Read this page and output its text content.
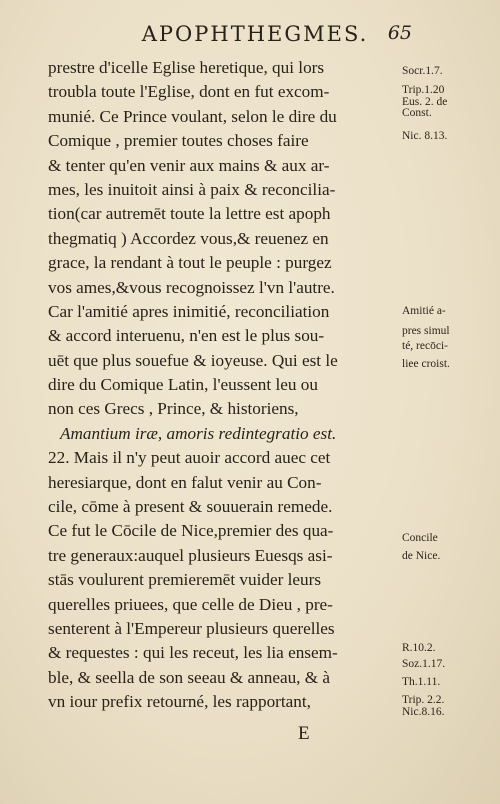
APOPHTHEGMES.	65
prestre d'icelle Eglise heretique, qui lors
troubla toute l'Eglise, dont en fut excom-
munié. Ce Prince voulant, selon le dire du
Comique , premier toutes choses faire
& tenter qu'en venir aux mains & aux ar-
mes, les inuitoit ainsi à paix & reconcilia-
tion(car autremēt toute la lettre est apoph
thegmatiq ) Accordez vous,& reuenez en
grace, la rendant à tout le peuple : purgez
vos ames,&vous recognoissez l'vn l'autre.
Car l'amitié apres inimitié, reconciliation
& accord interuenu, n'en est le plus sou-
uēt que plus souefue & ioyeuse. Qui est le
dire du Comique Latin, l'eussent leu ou
non ces Grecs , Prince, & historiens,
Amantium iræ, amoris redintegratio est.
22. Mais il n'y peut auoir accord auec cet
heresiarque, dont en falut venir au Con-
cile, cōme à present & souuerain remede.
Ce fut le Cōcile de Nice,premier des qua-
tre generaux:auquel plusieurs Euesqs asi-
stās voulurent premieremēt vuider leurs
querelles priuees, que celle de Dieu , pre-
senterent à l'Empereur plusieurs querelles
& requestes : qui les receut, les lia ensem-
ble, & seella de son seeau & anneau, & à
vn iour prefix retourné, les rapportant,
Socr.1.7.
Trip.1.20
Eus. 2. de
Const.
Nic. 8.13.
Amitié a-
pres simul
té, recōci-
liee croist.
Concile
de Nice.
R.10.2.
Soz.1.17.
Th.1.11.
Trip. 2.2.
Nic.8.16.
E
